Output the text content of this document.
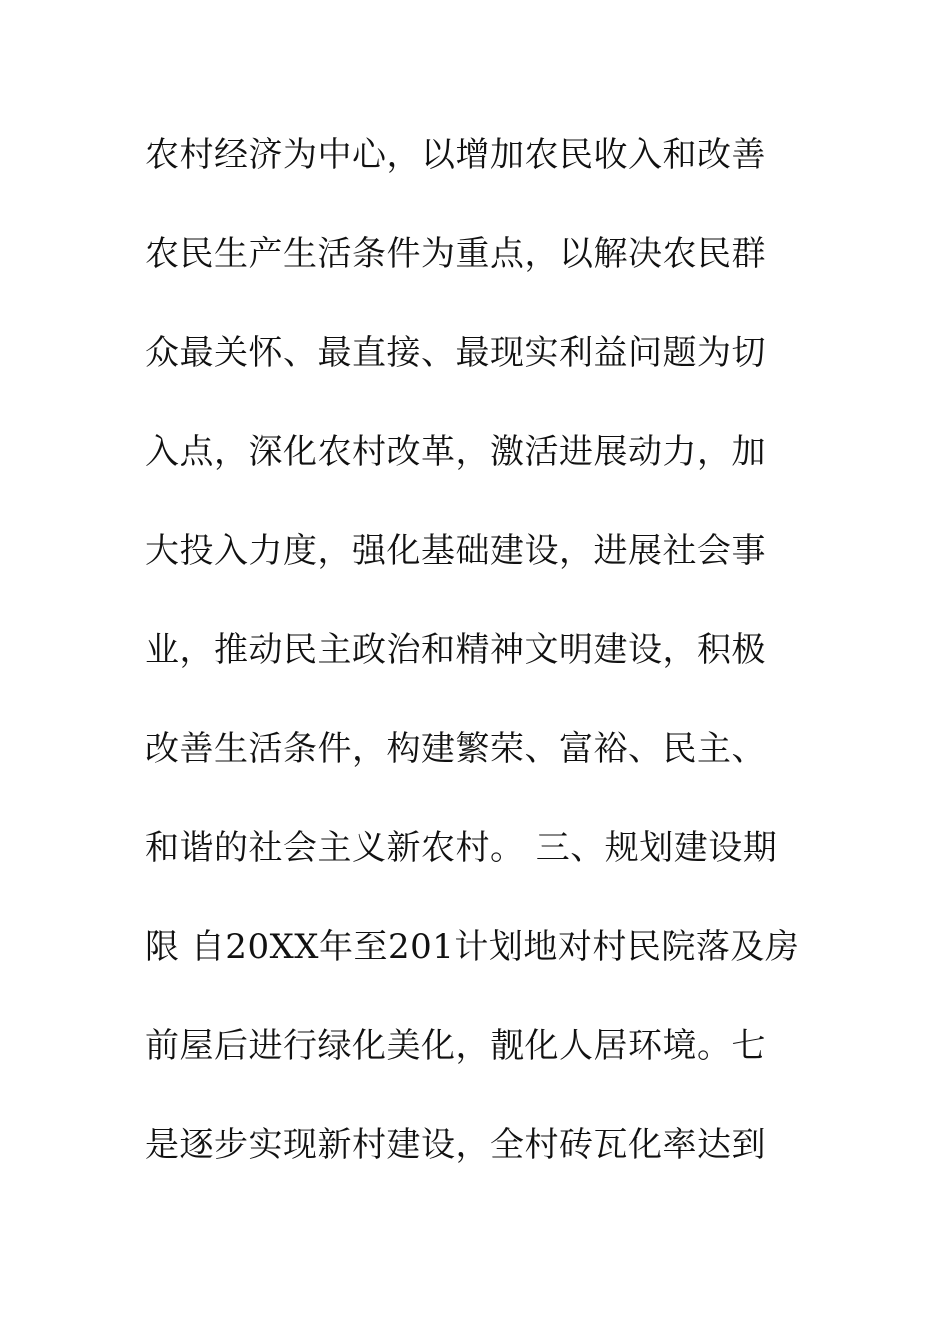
农村经济为中心，以增加农民收入和改善
农民生产生活条件为重点，以解决农民群
众最关怀、最直接、最现实利益问题为切
入点，深化农村改革，激活进展动力，加
大投入力度，强化基础建设，进展社会事
业，推动民主政治和精神文明建设，积极
改善生活条件，构建繁荣、富裕、民主、
和谐的社会主义新农村。 三、规划建设期
限 自20XX年至201计划地对村民院落及房
前屋后进行绿化美化，靓化人居环境。七
是逐步实现新村建设，全村砖瓦化率达到
